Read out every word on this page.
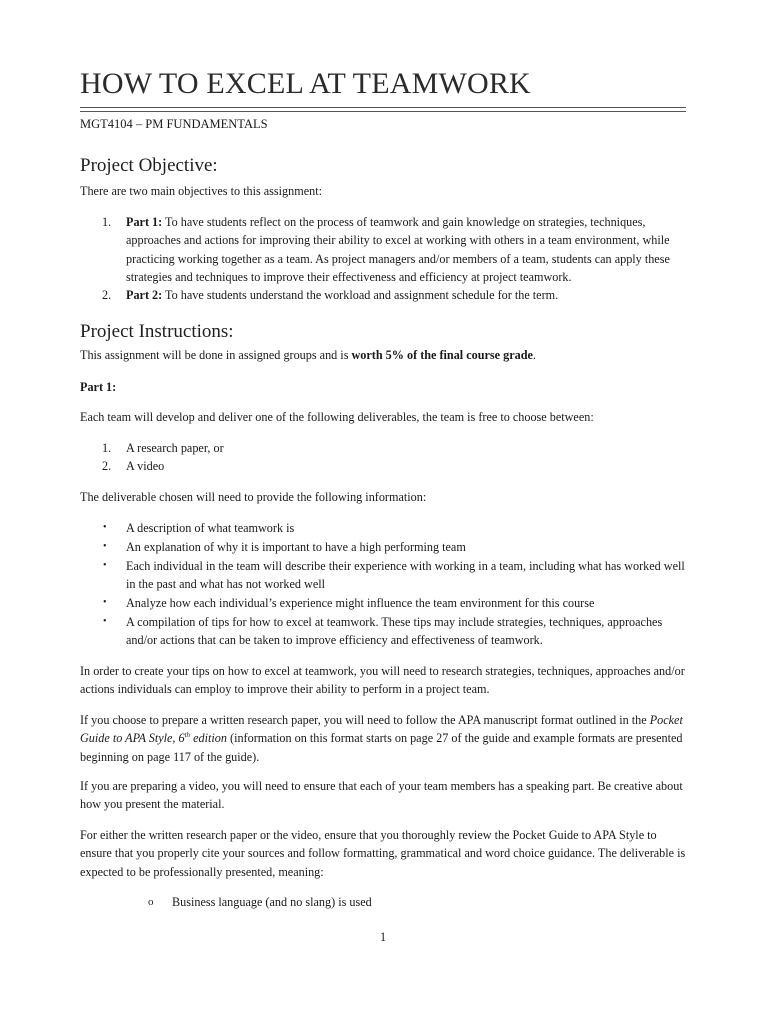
HOW TO EXCEL AT TEAMWORK
MGT4104 – PM FUNDAMENTALS
Project Objective:
There are two main objectives to this assignment:
1. Part 1: To have students reflect on the process of teamwork and gain knowledge on strategies, techniques, approaches and actions for improving their ability to excel at working with others in a team environment, while practicing working together as a team. As project managers and/or members of a team, students can apply these strategies and techniques to improve their effectiveness and efficiency at project teamwork.
2. Part 2: To have students understand the workload and assignment schedule for the term.
Project Instructions:
This assignment will be done in assigned groups and is worth 5% of the final course grade.
Part 1:
Each team will develop and deliver one of the following deliverables, the team is free to choose between:
1. A research paper, or
2. A video
The deliverable chosen will need to provide the following information:
• A description of what teamwork is
• An explanation of why it is important to have a high performing team
• Each individual in the team will describe their experience with working in a team, including what has worked well in the past and what has not worked well
• Analyze how each individual’s experience might influence the team environment for this course
• A compilation of tips for how to excel at teamwork. These tips may include strategies, techniques, approaches and/or actions that can be taken to improve efficiency and effectiveness of teamwork.
In order to create your tips on how to excel at teamwork, you will need to research strategies, techniques, approaches and/or actions individuals can employ to improve their ability to perform in a project team.
If you choose to prepare a written research paper, you will need to follow the APA manuscript format outlined in the Pocket Guide to APA Style, 6th edition (information on this format starts on page 27 of the guide and example formats are presented beginning on page 117 of the guide).
If you are preparing a video, you will need to ensure that each of your team members has a speaking part. Be creative about how you present the material.
For either the written research paper or the video, ensure that you thoroughly review the Pocket Guide to APA Style to ensure that you properly cite your sources and follow formatting, grammatical and word choice guidance. The deliverable is expected to be professionally presented, meaning:
o Business language (and no slang) is used
1
